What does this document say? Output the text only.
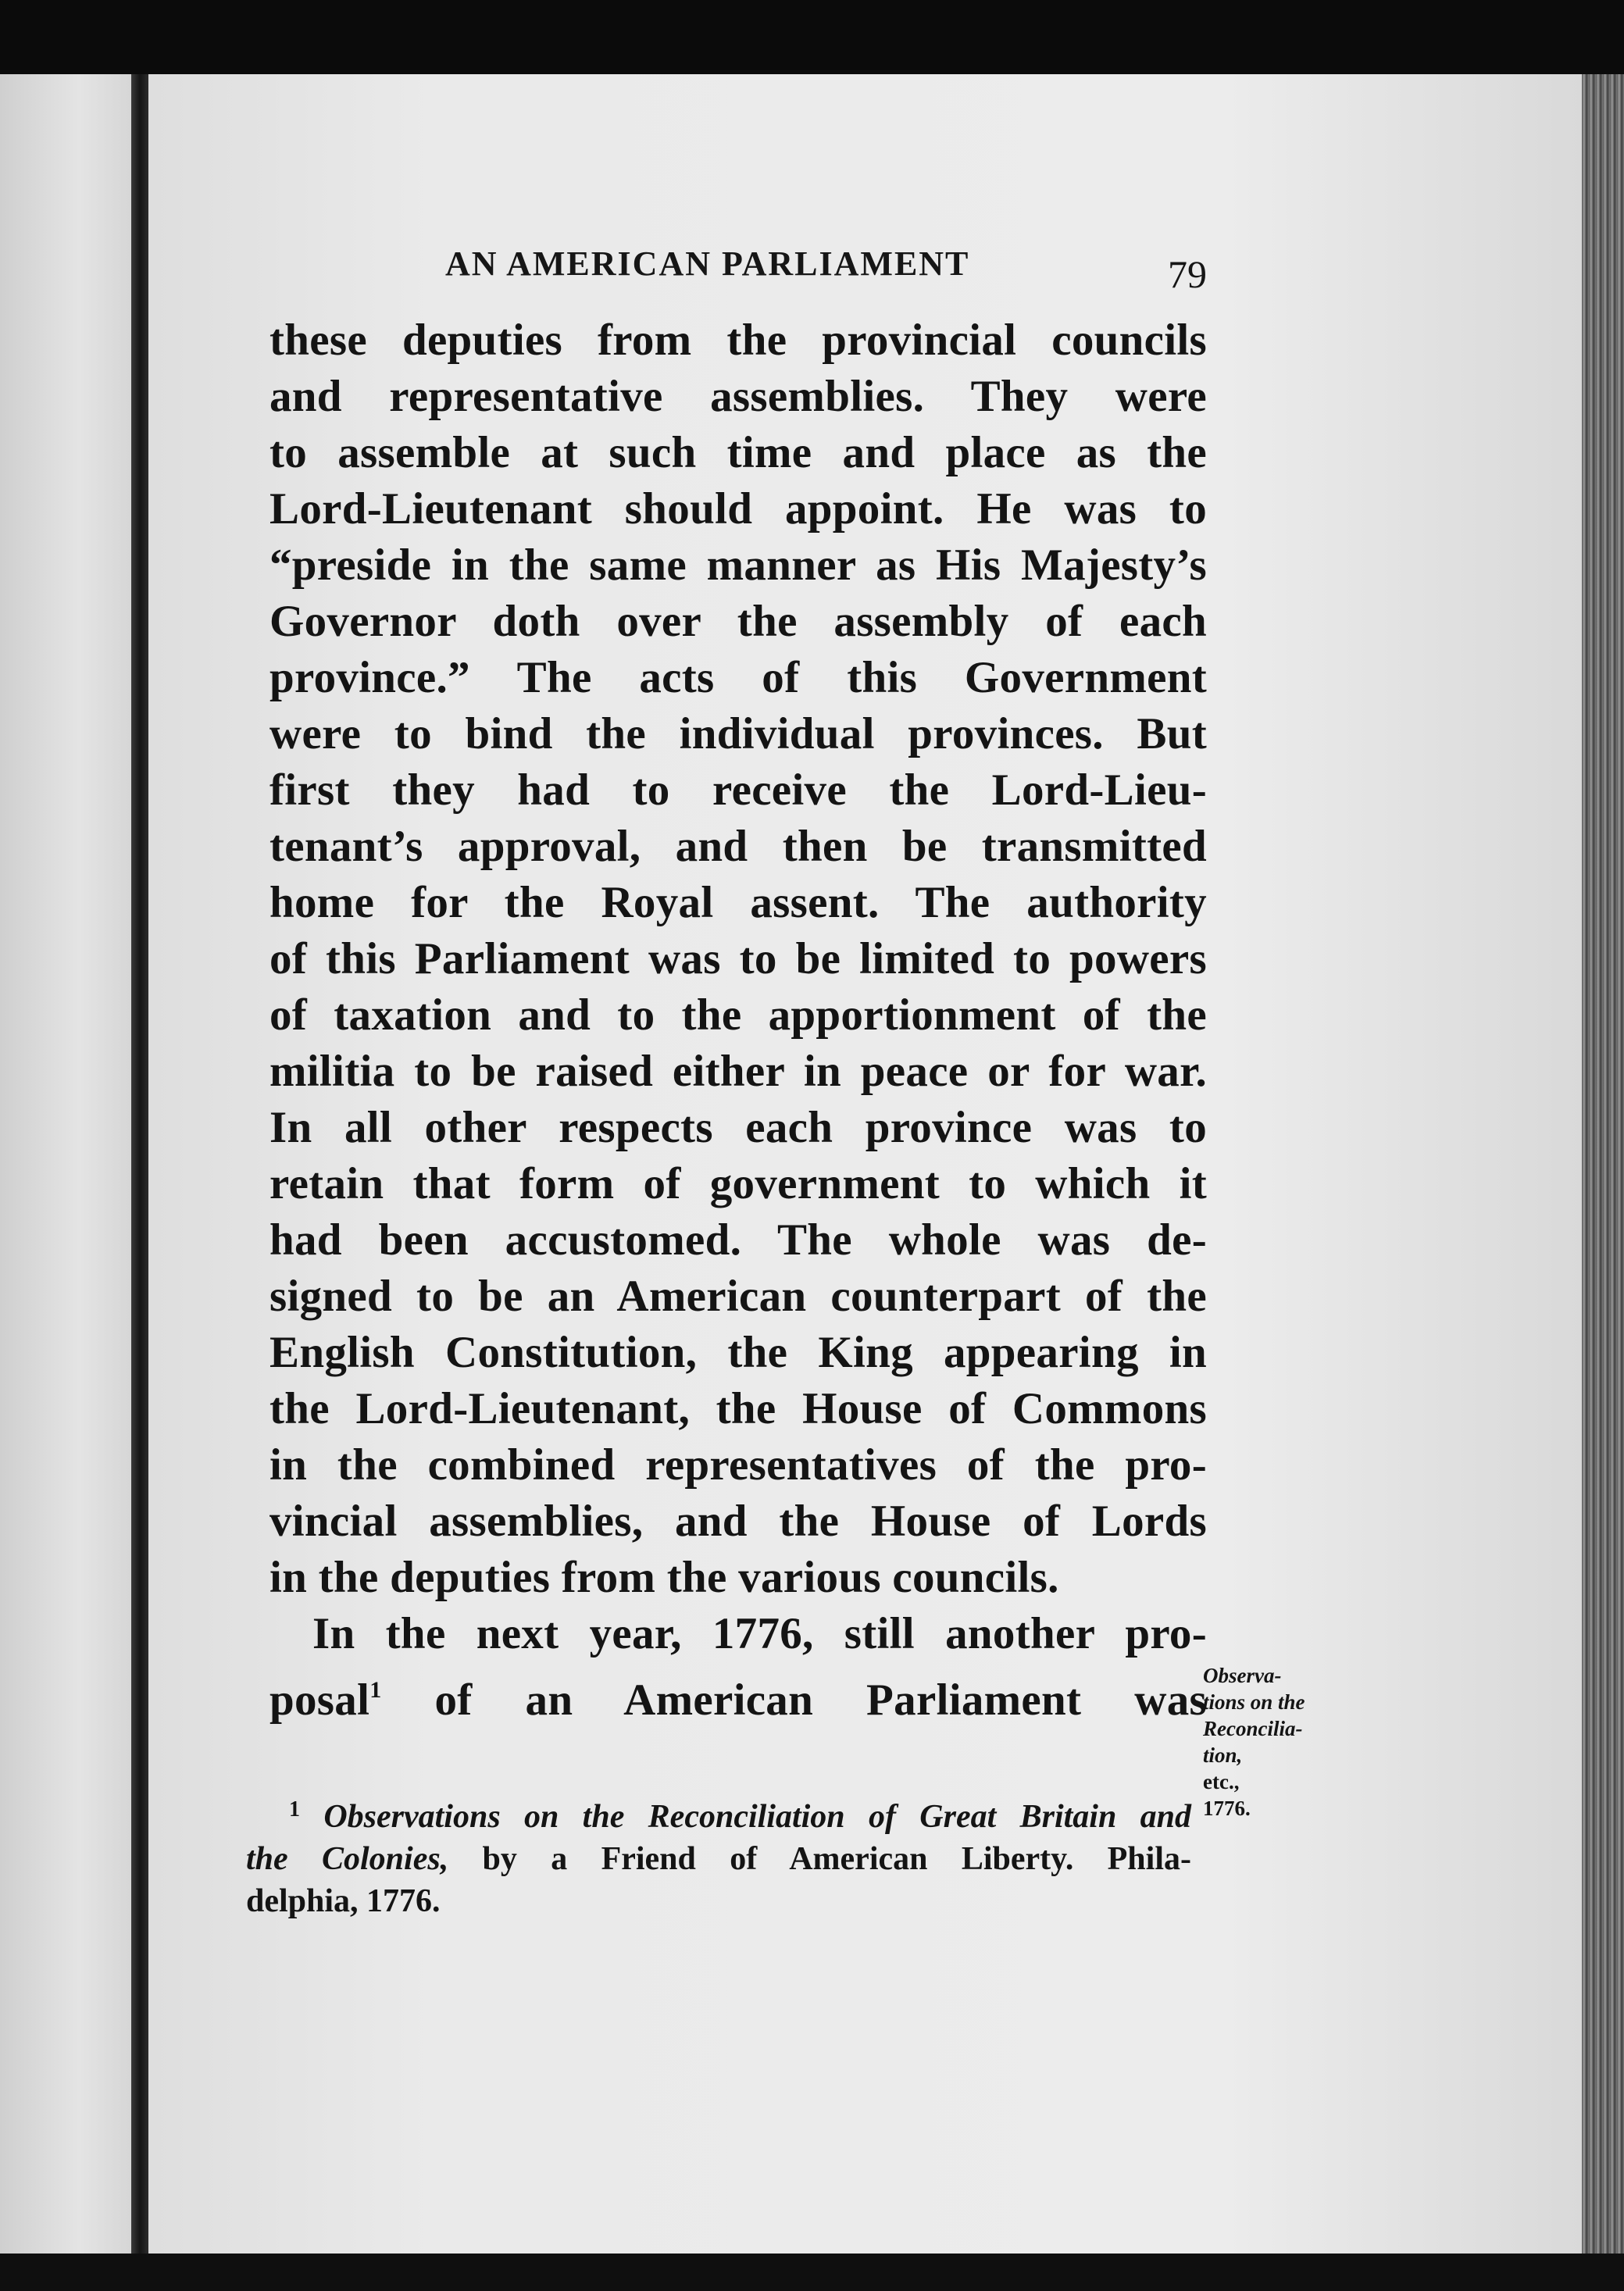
AN AMERICAN PARLIAMENT	79
these deputies from the provincial councils
and representative assemblies. They were
to assemble at such time and place as the
Lord-Lieutenant should appoint. He was to
“preside in the same manner as His Majesty’s
Governor doth over the assembly of each
province.” The acts of this Government
were to bind the individual provinces. But
first they had to receive the Lord-Lieu-
tenant’s approval, and then be transmitted
home for the Royal assent. The authority
of this Parliament was to be limited to powers
of taxation and to the apportionment of the
militia to be raised either in peace or for war.
In all other respects each province was to
retain that form of government to which it
had been accustomed. The whole was de-
signed to be an American counterpart of the
English Constitution, the King appearing in
the Lord-Lieutenant, the House of Commons
in the combined representatives of the pro-
vincial assemblies, and the House of Lords
in the deputies from the various councils.
In the next year, 1776, still another pro-
posal$^1$ of an American Parliament was
$^1$ Observations on the Reconciliation of Great Britain and
the Colonies, by a Friend of American Liberty. Phila-
delphia, 1776.
Observa-
tions on the
Reconcilia-
tion,
etc.,
1776.
